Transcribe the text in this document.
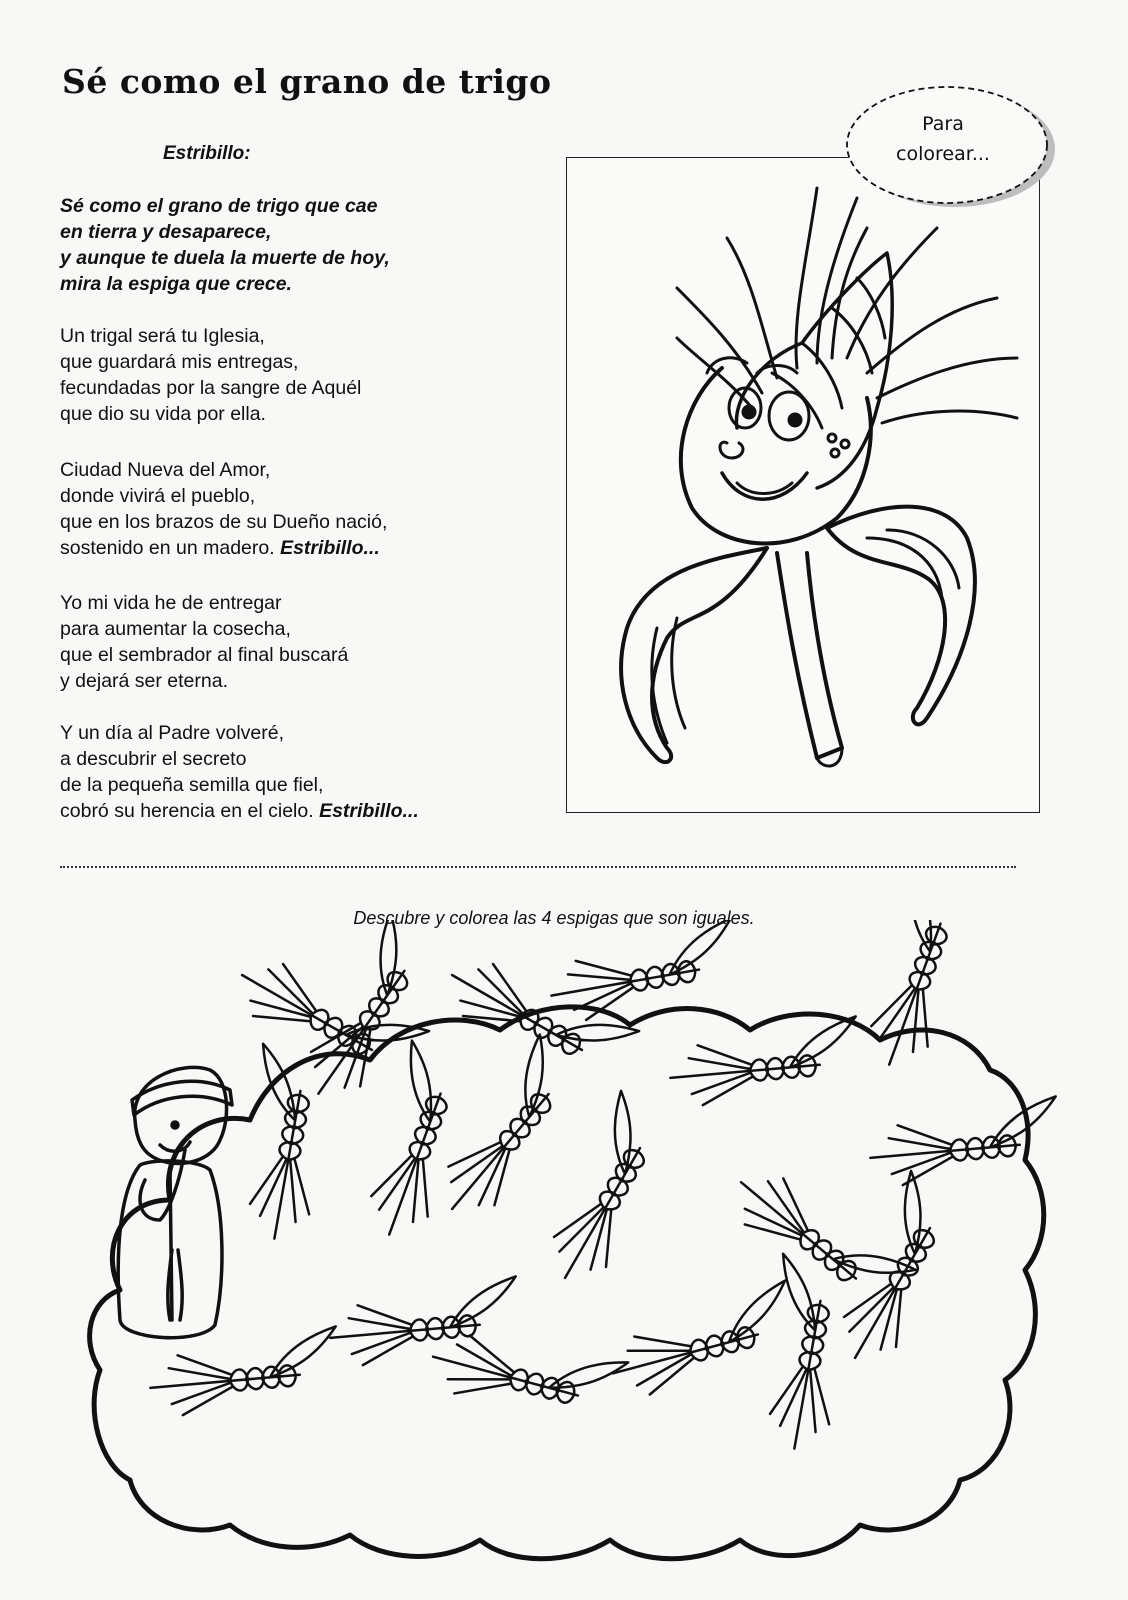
Sé como el grano de trigo
Estribillo:

Sé como el grano de trigo que cae
en tierra y desaparece,
y aunque te duela la muerte de hoy,
mira la espiga que crece.

Un trigal será tu Iglesia,
que guardará mis entregas,
fecundadas por la sangre de Aquél
que dio su vida por ella.

Ciudad Nueva del Amor,
donde vivirá el pueblo,
que en los brazos de su Dueño nació,
sostenido en un madero. Estribillo...

Yo mi vida he de entregar
para aumentar la cosecha,
que el sembrador al final buscará
y dejará ser eterna.

Y un día al Padre volveré,
a descubrir el secreto
de la pequeña semilla que fiel,
cobró su herencia en el cielo. Estribillo...

Para
colorear...
Descubre y colorea las 4 espigas que son iguales.
